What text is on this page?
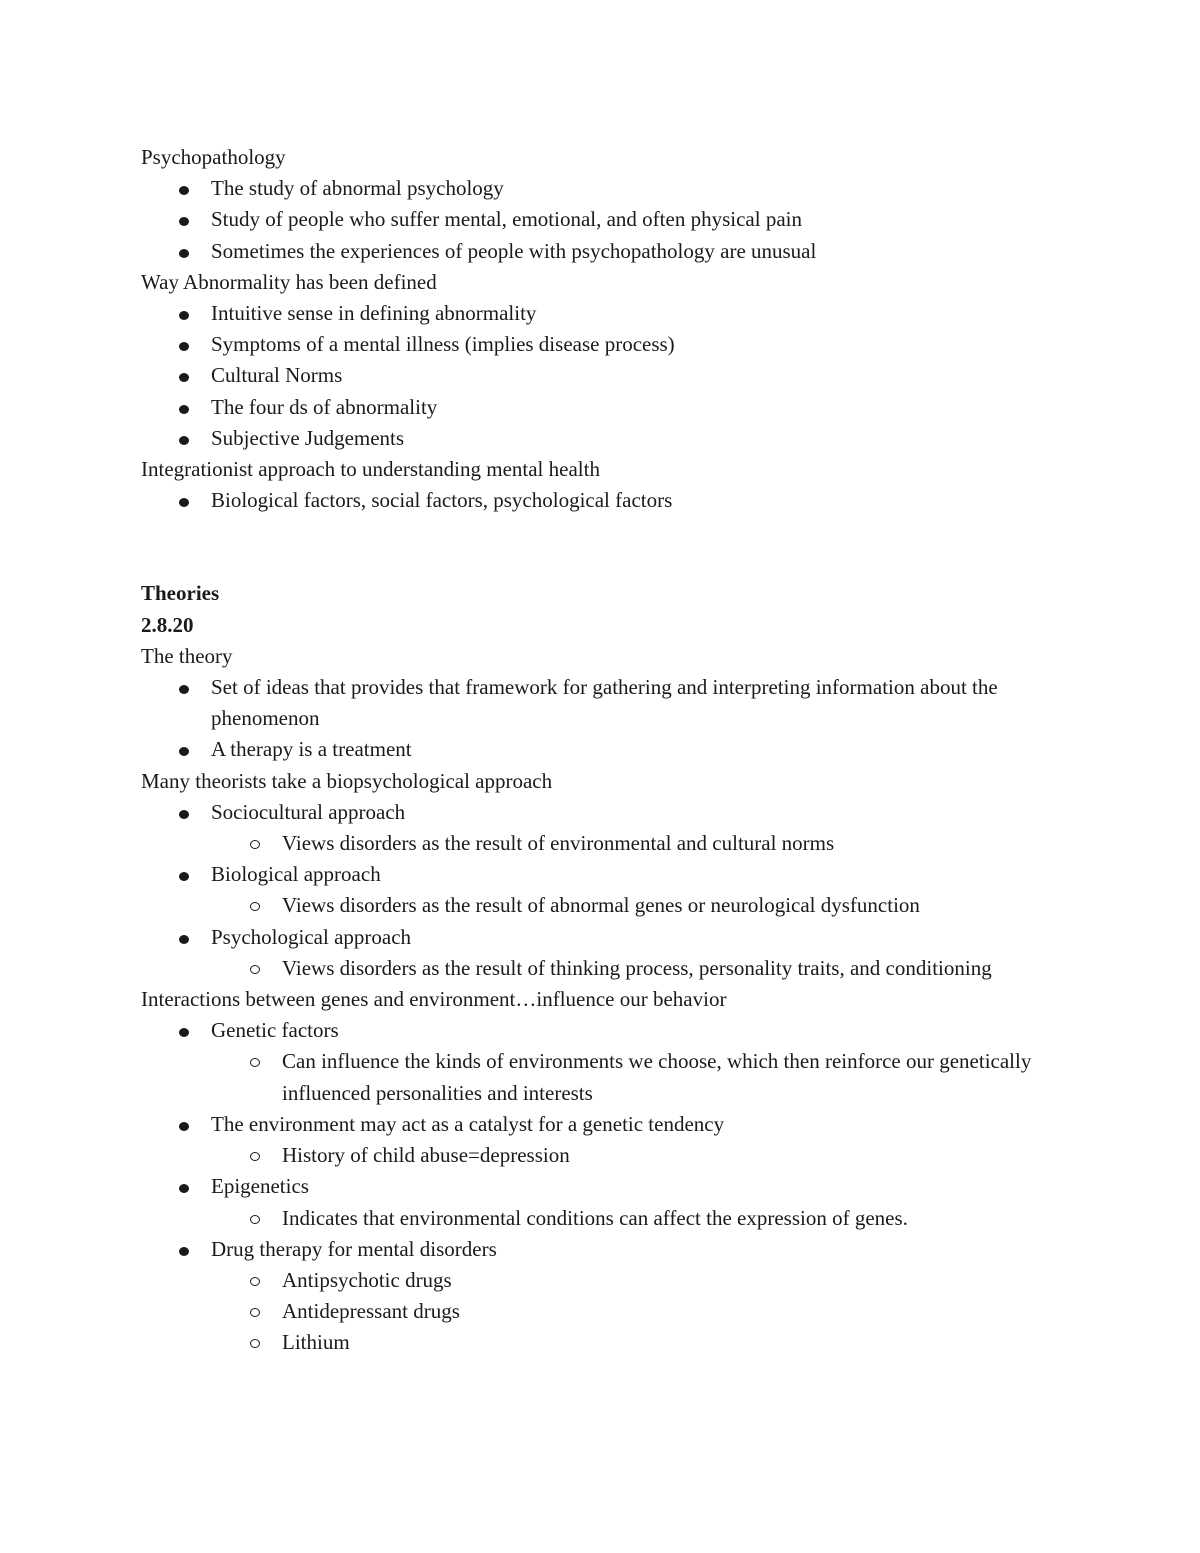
Psychopathology

The study of abnormal psychology

Study of people who suffer mental, emotional, and often physical pain

Sometimes the experiences of people with psychopathology are unusual

Way Abnormality has been defined

Intuitive sense in defining abnormality

Symptoms of a mental illness (implies disease process)

Cultural Norms

The four ds of abnormality

Subjective Judgements

Integrationist approach to understanding mental health

Biological factors, social factors, psychological factors

Theories

2.8.20

The theory

Set of ideas that provides that framework for gathering and interpreting information about the phenomenon

A therapy is a treatment

Many theorists take a biopsychological approach

Sociocultural approach

Views disorders as the result of environmental and cultural norms

Biological approach

Views disorders as the result of abnormal genes or neurological dysfunction

Psychological approach

Views disorders as the result of thinking process, personality traits, and conditioning

Interactions between genes and environment…influence our behavior

Genetic factors

Can influence the kinds of environments we choose, which then reinforce our genetically influenced personalities and interests

The environment may act as a catalyst for a genetic tendency

History of child abuse=depression

Epigenetics

Indicates that environmental conditions can affect the expression of genes.

Drug therapy for mental disorders

Antipsychotic drugs

Antidepressant drugs

Lithium
